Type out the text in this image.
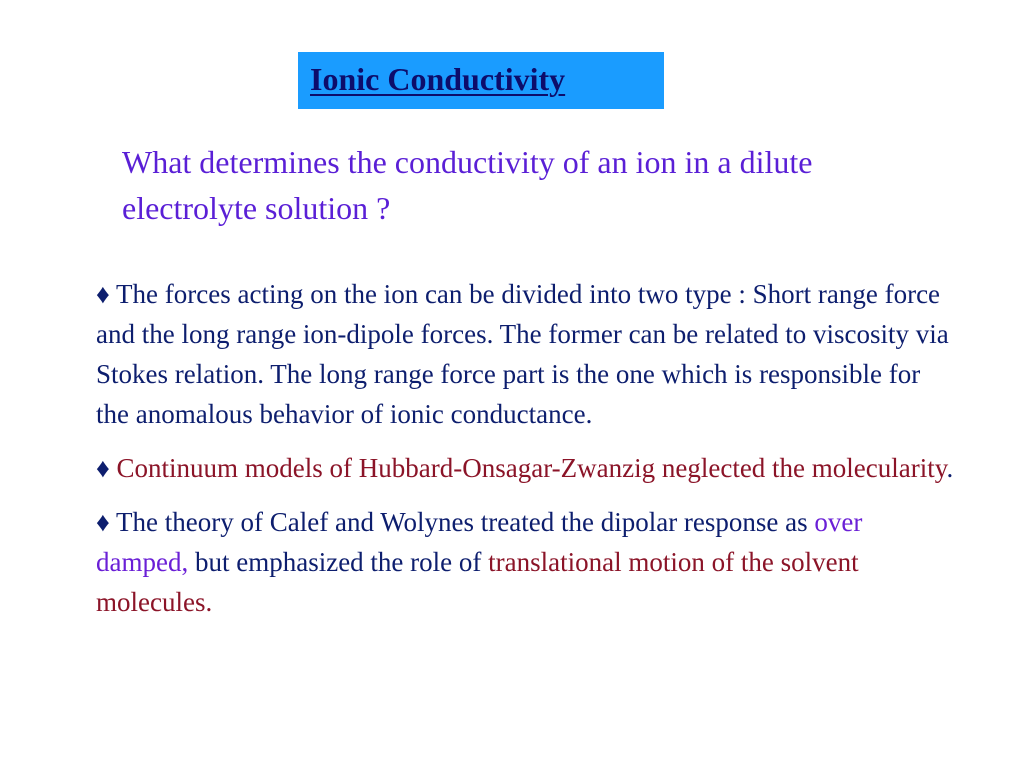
Ionic Conductivity
What determines the conductivity of an ion in a dilute electrolyte solution ?

♦ The forces acting on the ion can be divided into two type : Short range force and the long range ion-dipole forces. The former can be related to viscosity via Stokes relation. The long range force part is the one which is responsible for the anomalous behavior of ionic conductance.

♦ Continuum models of Hubbard-Onsagar-Zwanzig neglected the molecularity.

♦ The theory of Calef and Wolynes treated the dipolar response as over damped, but emphasized the role of translational motion of the solvent molecules.
